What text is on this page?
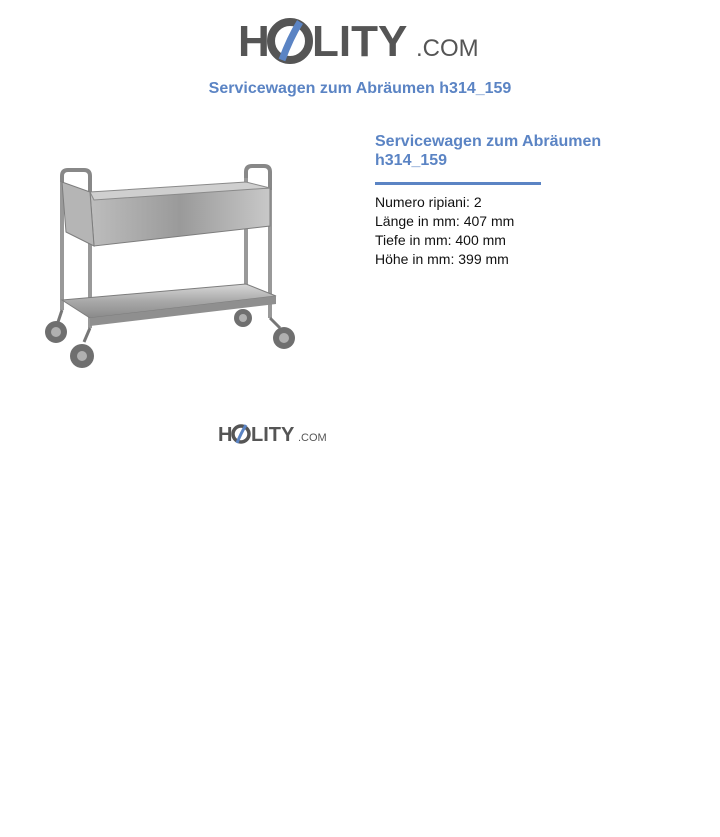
H LITY .COM
Servicewagen zum Abräumen h314_159
Servicewagen zum Abräumen h314_159
Numero ripiani: 2
Länge in mm: 407 mm
Tiefe in mm: 400 mm
Höhe in mm: 399 mm
H LITY .COM
